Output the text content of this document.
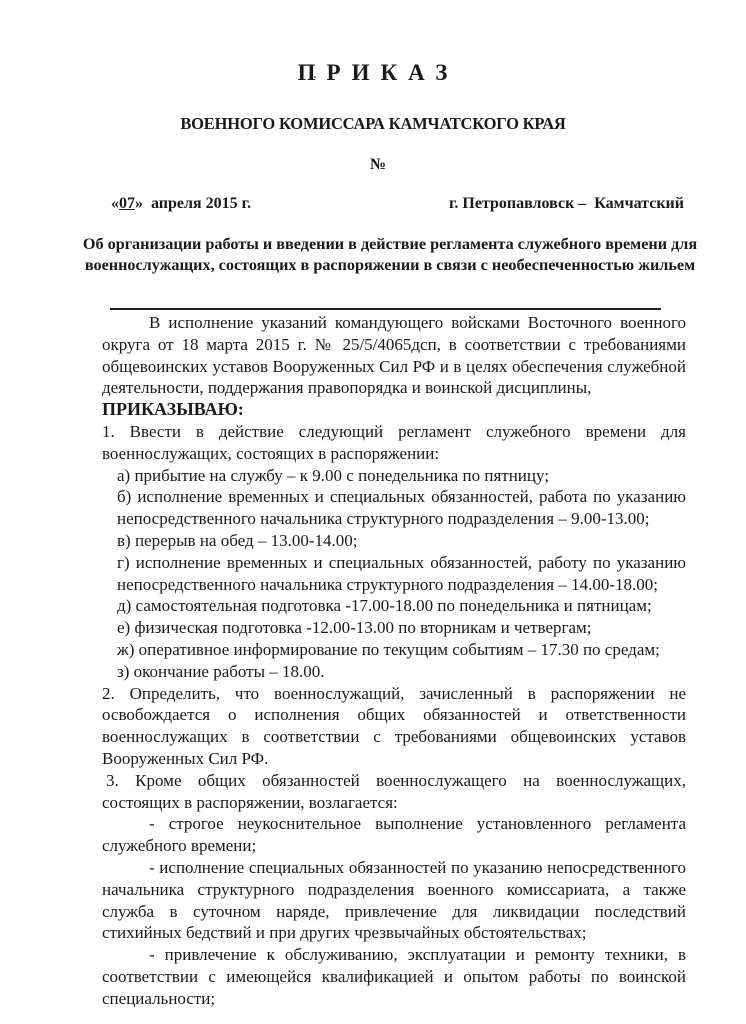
ПРИКАЗ
ВОЕННОГО КОМИССАРА КАМЧАТСКОГО КРАЯ
№
«07»  апреля 2015 г.	г. Петропавловск –  Камчатский
Об организации работы и введении в действие регламента служебного времени для военнослужащих, состоящих в распоряжении в связи с необеспеченностью жильем

В исполнение указаний командующего войсками Восточного военного округа от 18 марта 2015 г. № 25/5/4065дсп, в соответствии с требованиями общевоинских уставов Вооруженных Сил РФ и в целях обеспечения служебной деятельности, поддержания правопорядка и воинской дисциплины,

ПРИКАЗЫВАЮ:

1. Ввести в действие следующий регламент служебного времени для военнослужащих, состоящих в распоряжении:

а) прибытие на службу – к 9.00 с понедельника по пятницу;

б) исполнение временных и специальных обязанностей, работа по указанию непосредственного начальника структурного подразделения – 9.00-13.00;

в) перерыв на обед – 13.00-14.00;

г) исполнение временных и специальных обязанностей, работу по указанию непосредственного начальника структурного подразделения – 14.00-18.00;

д) самостоятельная подготовка -17.00-18.00 по понедельника и пятницам;

е) физическая подготовка -12.00-13.00 по вторникам и четвергам;

ж) оперативное информирование по текущим событиям – 17.30 по средам;

з) окончание работы – 18.00.

2. Определить, что военнослужащий, зачисленный в распоряжении не освобождается о исполнения общих обязанностей и ответственности военнослужащих в соответствии с требованиями общевоинских уставов Вооруженных Сил РФ.

3. Кроме общих обязанностей военнослужащего на военнослужащих, состоящих в распоряжении, возлагается:

- строгое неукоснительное выполнение установленного регламента служебного времени;

- исполнение специальных обязанностей по указанию непосредственного начальника структурного подразделения военного комиссариата, а также служба в суточном наряде, привлечение для ликвидации последствий стихийных бедствий и при других чрезвычайных обстоятельствах;

- привлечение к обслуживанию, эксплуатации и ремонту техники, в соответствии с имеющейся квалификацией и опытом работы по воинской специальности;
